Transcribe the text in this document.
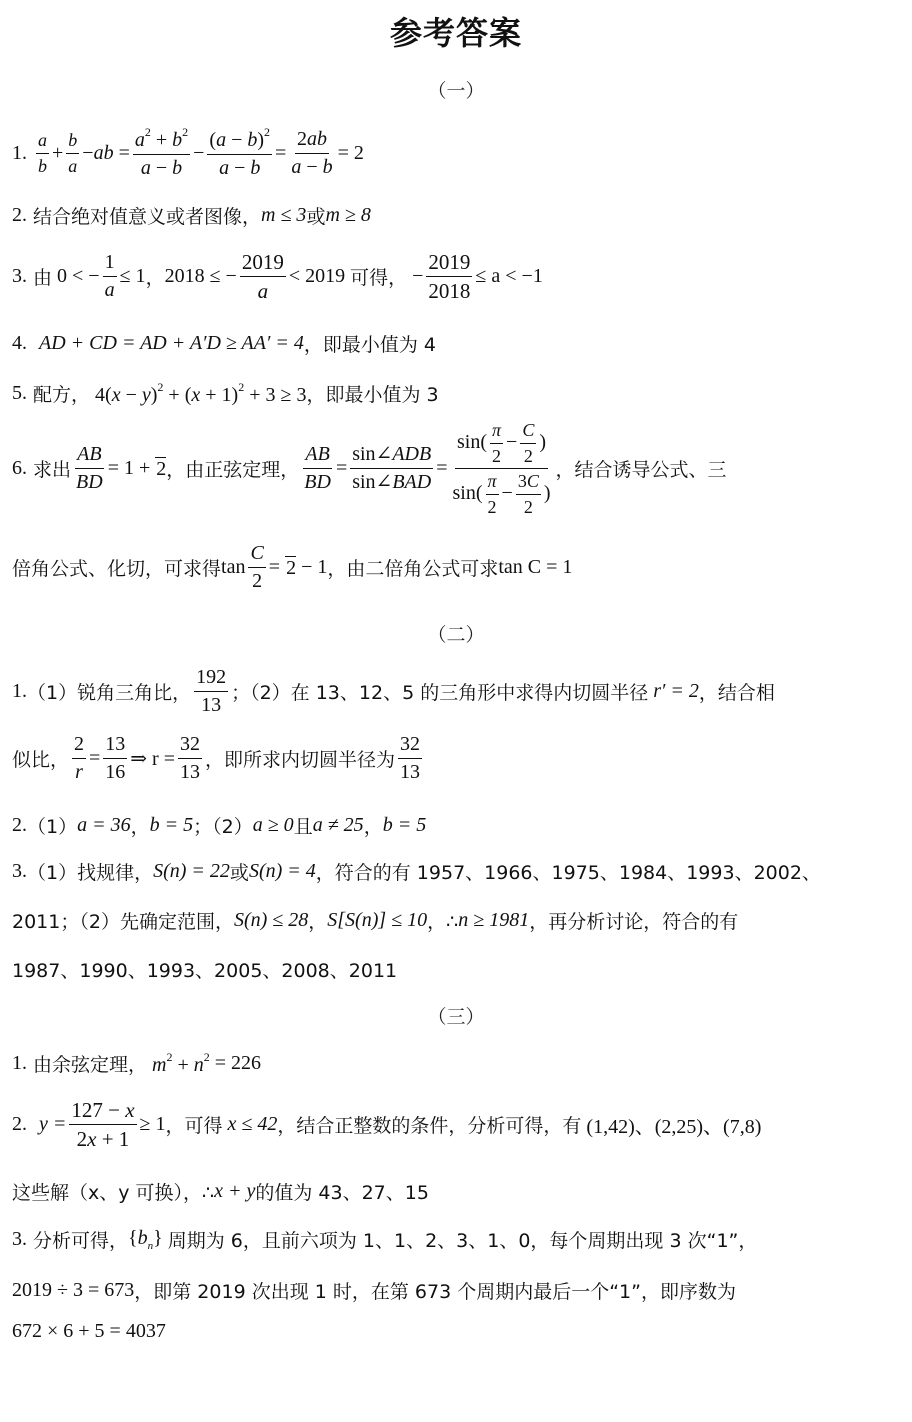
参考答案
（一）
1. $\frac{a}{b} + \frac{b}{a}$ − ab = $\frac{a^2 + b^2}{a - b} - \frac{(a - b)^2}{a - b} = \frac{2ab}{a - b} = 2$
2. 结合绝对值意义或者图像， m ≤ 3 或 m ≥ 8
3. 由
0 < − $\frac{1}{a} \le 1$ ， 2018 ≤ − $\frac{2019}{a} < 2019$
可得，
− $\frac{2019}{2018} \le a < -1$
4. AD + CD = AD + A′D ≥ AA′ = 4 ，即最小值为 4
5. 配方，
$4(x - y)^2 + (x + 1)^2 + 3 \ge 3$ ，即最小值为 3
6. 求出 $\frac{AB}{BD} = 1$ +
2 ，由正弦定理， $\frac{AB}{BD} = \frac{\text{sin∠ADB}}{\text{sin∠BAD}} = \frac{\sin( \frac{\pi}{2} - \frac{C}{2} )}{\sin( \frac{\pi}{2} - \frac{3C}{2} )}$ ，结合诱导公式、三
倍角公式、化切，可求得 $\tan \frac{C}{2} = 2$
− 1 ，由二倍角公式可求 tan C = 1
（二）
1. （1）锐角三角比， $\frac{192}{13}$ ；（2）在 13、12、5 的三角形中求得内切圆半径
r′ = 2 ，结合相
似比， $\frac{2}{r} = \frac{13}{16}$ ⇒ $r = \frac{32}{13}$ ，即所求内切圆半径为 $\frac{32}{13}$
2. （1） a = 36 ， b = 5 ；（2） a ≥ 0 且 a ≠ 25 ， b = 5
3. （1）找规律， S(n) = 22 或 S(n) = 4 ，符合的有 1957、1966、1975、1984、1993、2002、
2011；（2）先确定范围， S(n) ≤ 28 ， S[S(n)] ≤ 10 ，∴ n ≥ 1981 ，再分析讨论，符合的有
1987、1990、1993、2005、2008、2011
（三）
1. 由余弦定理，
$m^2 + n^2$
= 226
2. $y = \frac{127 - x}{2x + 1} \ge 1$ ，可得
x ≤ 42 ，结合正整数的条件，分析可得，有
(1,42)、(2,25)、(7,8)
这些解（x、y 可换），∴ x + y 的值为 43、27、15
3. 分析可得， $\{b_n\}$
周期为 6，且前六项为 1、1、2、3、1、0，每个周期出现 3 次“1”，
2019 ÷ 3 = 673 ，即第 2019 次出现 1 时，在第 673 个周期内最后一个“1”，即序数为
672 × 6 + 5 = 4037
